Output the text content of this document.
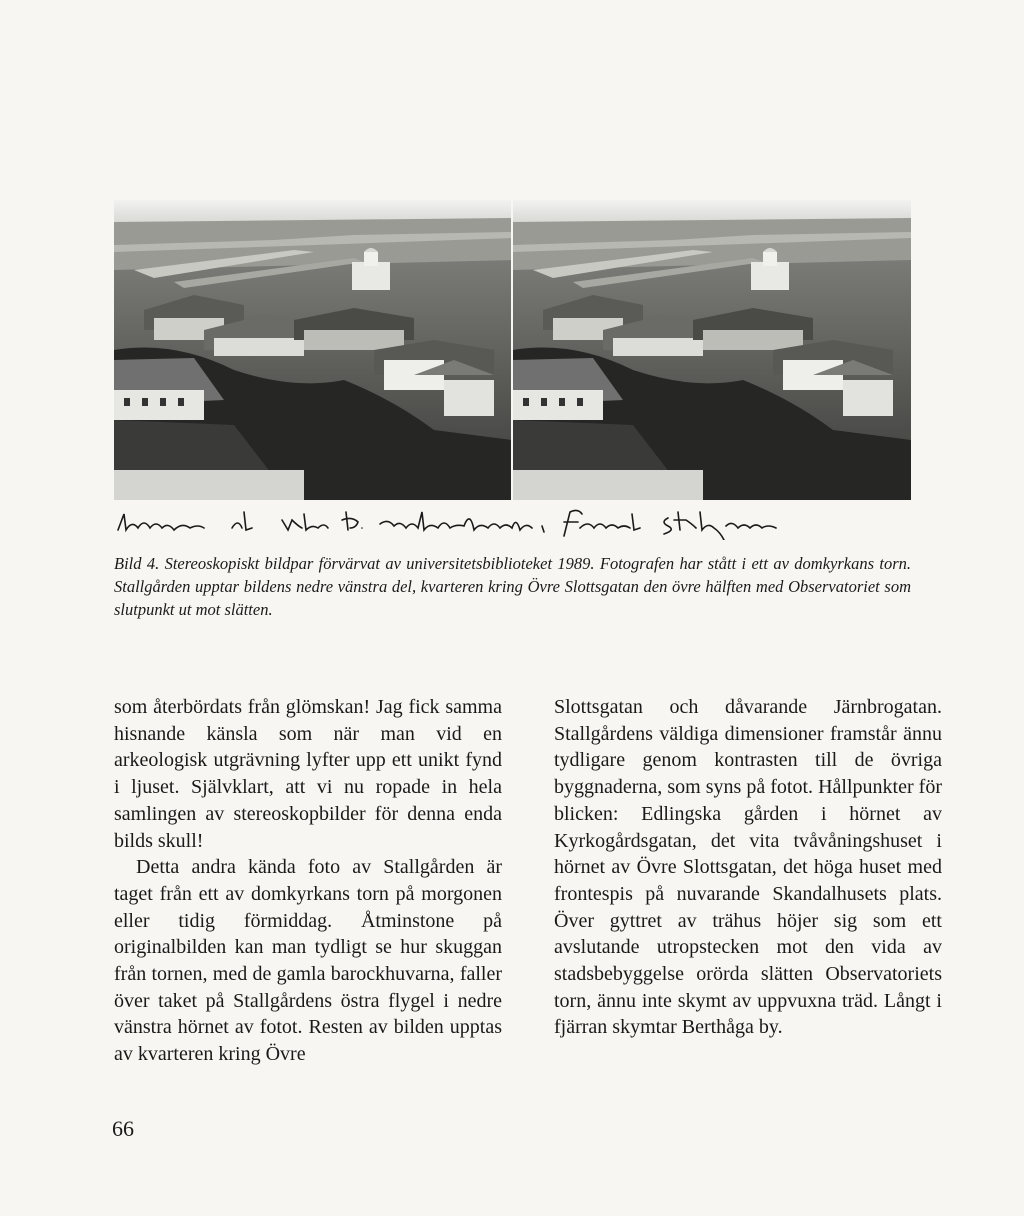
Bild 4. Stereoskopiskt bildpar förvärvat av universitetsbiblioteket 1989. Fotografen har stått i ett av domkyrkans torn. Stallgården upptar bildens nedre vänstra del, kvarteren kring Övre Slottsgatan den övre hälften med Observatoriet som slutpunkt ut mot slätten.

som återbördats från glömskan! Jag fick samma hisnande känsla som när man vid en arkeologisk utgrävning lyfter upp ett unikt fynd i ljuset. Självklart, att vi nu ropade in hela samlingen av stereoskopbilder för denna enda bilds skull!

Detta andra kända foto av Stallgården är taget från ett av domkyrkans torn på morgonen eller tidig förmiddag. Åtminstone på originalbilden kan man tydligt se hur skuggan från tornen, med de gamla barockhuvarna, faller över taket på Stallgårdens östra flygel i nedre vänstra hörnet av fotot. Resten av bilden upptas av kvarteren kring Övre

Slottsgatan och dåvarande Järnbrogatan. Stallgårdens väldiga dimensioner framstår ännu tydligare genom kontrasten till de övriga byggnaderna, som syns på fotot. Hållpunkter för blicken: Edlingska gården i hörnet av Kyrkogårdsgatan, det vita tvåvåningshuset i hörnet av Övre Slottsgatan, det höga huset med frontespis på nuvarande Skandalhusets plats. Över gyttret av trähus höjer sig som ett avslutande utropstecken mot den vida av stadsbebyggelse orörda slätten Observatoriets torn, ännu inte skymt av uppvuxna träd. Långt i fjärran skymtar Berthåga by.

66
